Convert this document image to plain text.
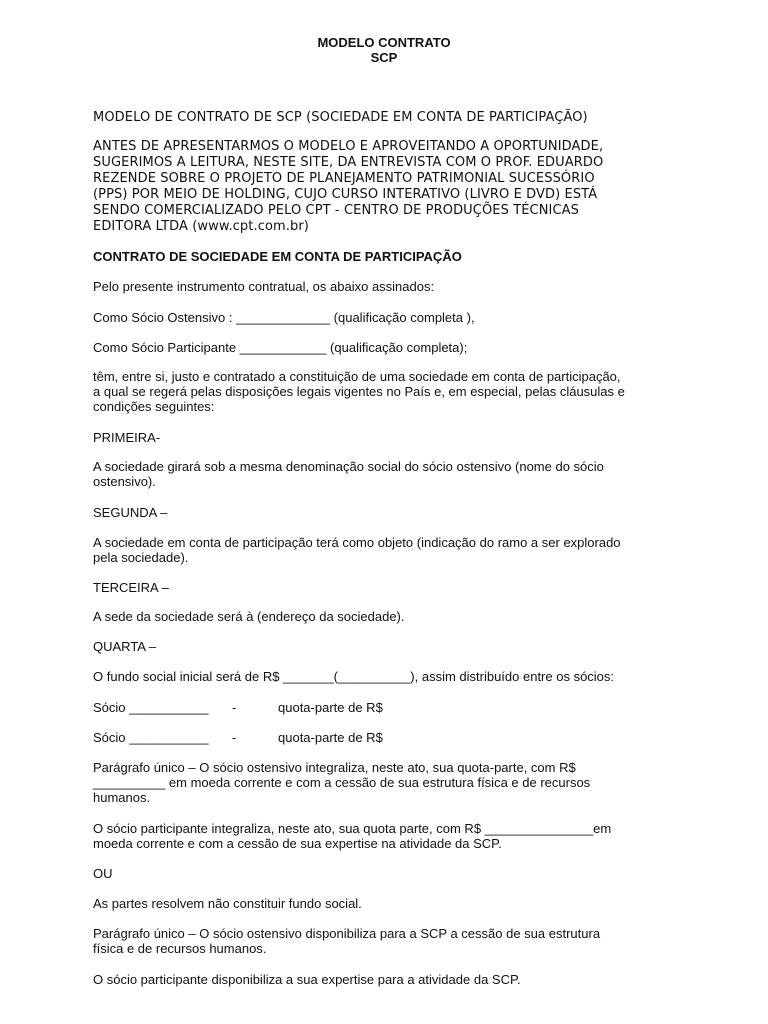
MODELO CONTRATO
SCP
MODELO DE CONTRATO DE SCP (SOCIEDADE EM CONTA DE PARTICIPAÇÃO)
ANTES DE APRESENTARMOS O MODELO E APROVEITANDO A OPORTUNIDADE,
SUGERIMOS A LEITURA, NESTE SITE, DA ENTREVISTA COM O PROF. EDUARDO
REZENDE SOBRE O PROJETO DE PLANEJAMENTO PATRIMONIAL SUCESSÓRIO
(PPS) POR MEIO DE HOLDING, CUJO CURSO INTERATIVO (LIVRO E DVD) ESTÁ
SENDO COMERCIALIZADO PELO CPT - CENTRO DE PRODUÇÕES TÉCNICAS
EDITORA LTDA (www.cpt.com.br)
CONTRATO DE SOCIEDADE EM CONTA DE PARTICIPAÇÃO
Pelo presente instrumento contratual, os abaixo assinados:
Como Sócio Ostensivo : _____________ (qualificação completa ),
Como Sócio Participante ____________ (qualificação completa);
têm, entre si, justo e contratado a constituição de uma sociedade em conta de participação,
a qual se regerá pelas disposições legais vigentes no País e, em especial, pelas cláusulas e
condições seguintes:
PRIMEIRA-
A sociedade girará sob a mesma denominação social do sócio ostensivo (nome do sócio
ostensivo).
SEGUNDA –
A sociedade em conta de participação terá como objeto (indicação do ramo a ser explorado
pela sociedade).
TERCEIRA –
A sede da sociedade será à (endereço da sociedade).
QUARTA –
O fundo social inicial será de R$ _______(__________), assim distribuído entre os sócios:
Sócio ___________	-	quota-parte de R$
Sócio ___________	-	quota-parte de R$
Parágrafo único – O sócio ostensivo integraliza, neste ato, sua quota-parte, com R$
__________ em moeda corrente e com a cessão de sua estrutura física e de recursos
humanos.
O sócio participante integraliza, neste ato, sua quota parte, com R$ _______________em
moeda corrente e com a cessão de sua expertise na atividade da SCP.
OU
As partes resolvem não constituir fundo social.
Parágrafo único – O sócio ostensivo disponibiliza para a SCP a cessão de sua estrutura
física e de recursos humanos.
O sócio participante disponibiliza a sua expertise para a atividade da SCP.
